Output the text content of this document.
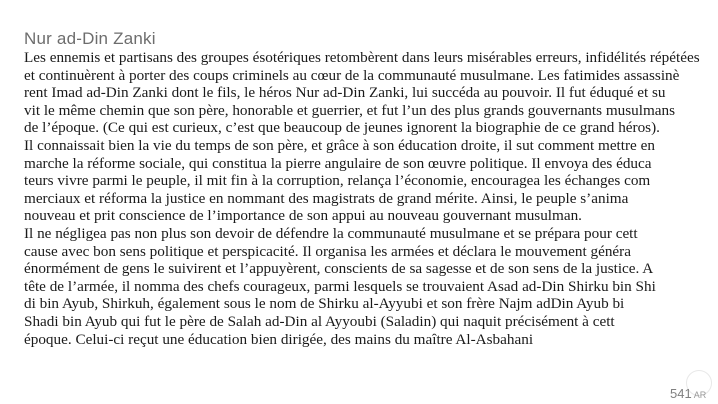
Nur ad-Din Zanki
Les ennemis et partisans des groupes ésotériques retombèrent dans leurs misérables erreurs, infidélités répétées
et continuèrent à porter des coups criminels au cœur de la communauté musulmane. Les fatimides assassinè
rent Imad ad-Din Zanki dont le fils, le héros Nur ad-Din Zanki, lui succéda au pouvoir. Il fut éduqué et su
vit le même chemin que son père, honorable et guerrier, et fut l’un des plus grands gouvernants musulmans
de l’époque. (Ce qui est curieux, c’est que beaucoup de jeunes ignorent la biographie de ce grand héros).
Il connaissait bien la vie du temps de son père, et grâce à son éducation droite, il sut comment mettre en
marche la réforme sociale, qui constitua la pierre angulaire de son œuvre politique. Il envoya des éduca
teurs vivre parmi le peuple, il mit fin à la corruption, relança l’économie, encouragea les échanges com
merciaux et réforma la justice en nommant des magistrats de grand mérite. Ainsi, le peuple s’anima
nouveau et prit conscience de l’importance de son appui au nouveau gouvernant musulman.
Il ne négligea pas non plus son devoir de défendre la communauté musulmane et se prépara pour cett
cause avec bon sens politique et perspicacité. Il organisa les armées et déclara le mouvement généra
énormément de gens le suivirent et l’appuyèrent, conscients de sa sagesse et de son sens de la justice. A
tête de l’armée, il nomma des chefs courageux, parmi lesquels se trouvaient Asad ad-Din Shirku bin Shi
di bin Ayub, Shirkuh, également sous le nom de Shirku al-Ayyubi et son frère Najm adDin Ayub bi
Shadi bin Ayub qui fut le père de Salah ad-Din al Ayyoubi (Saladin) qui naquit précisément à cett
époque. Celui-ci reçut une éducation bien dirigée, des mains du maître Al-Asbahani
541 AR
